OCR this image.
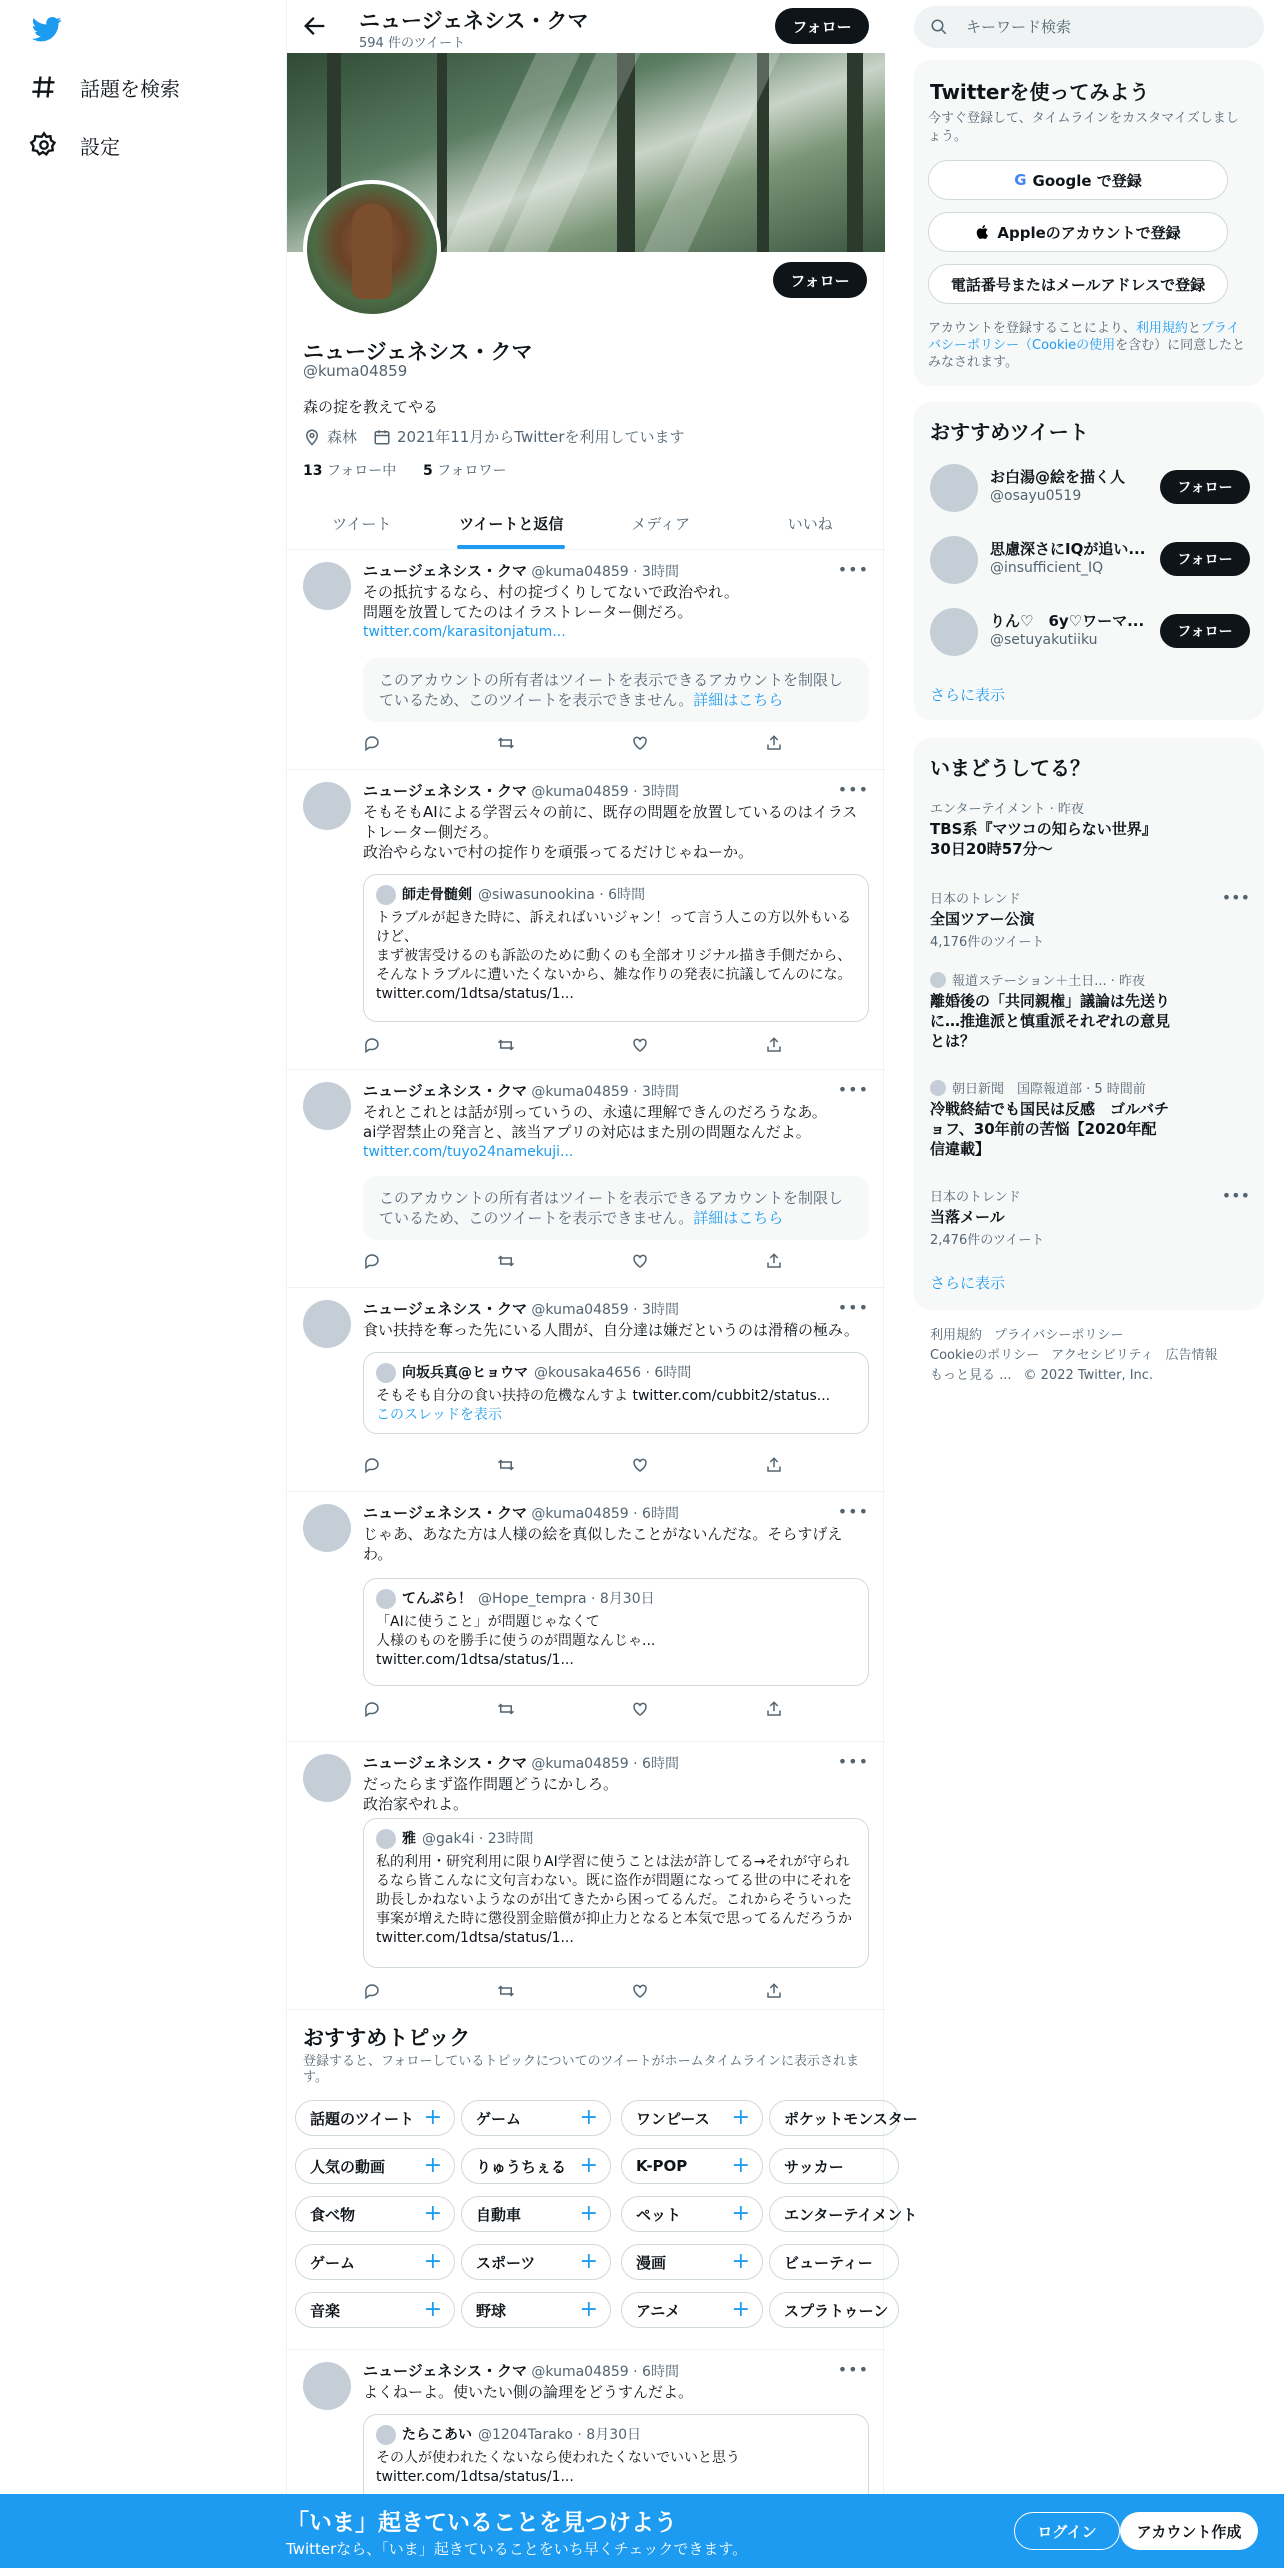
話題を検索
設定
ニュージェネシス・クマ
594 件のツイート
フォロー
フォロー
ニュージェネシス・クマ
@kuma04859
森の掟を教えてやる
森林	2021年11月からTwitterを利用しています
13 フォロー中 5 フォロワー
ツイート	ツイートと返信	メディア	いいね
ニュージェネシス・クマ @kuma04859 · 3時間	•••
その抵抗するなら、村の掟づくりしてないで政治やれ。
問題を放置してたのはイラストレーター側だろ。
twitter.com/karasitonjatum...
このアカウントの所有者はツイートを表示できるアカウントを制限しているため、このツイートを表示できません。詳細はこちら
ニュージェネシス・クマ @kuma04859 · 3時間	•••
そもそもAIによる学習云々の前に、既存の問題を放置しているのはイラストレーター側だろ。
政治やらないで村の掟作りを頑張ってるだけじゃねーか。
師走骨髄剣 @siwasunookina · 6時間
トラブルが起きた時に、訴えればいいジャン！って言う人この方以外もいるけど、
まず被害受けるのも訴訟のために動くのも全部オリジナル描き手側だから、そんなトラブルに遭いたくないから、雑な作りの発表に抗議してんのにな。 twitter.com/1dtsa/status/1...
ニュージェネシス・クマ @kuma04859 · 3時間	•••
それとこれとは話が別っていうの、永遠に理解できんのだろうなあ。
ai学習禁止の発言と、該当アプリの対応はまた別の問題なんだよ。
twitter.com/tuyo24namekuji...
このアカウントの所有者はツイートを表示できるアカウントを制限しているため、このツイートを表示できません。詳細はこちら
ニュージェネシス・クマ @kuma04859 · 3時間	•••
食い扶持を奪った先にいる人間が、自分達は嫌だというのは滑稽の極み。
向坂兵真@ヒョウマ @kousaka4656 · 6時間
そもそも自分の食い扶持の危機なんすよ twitter.com/cubbit2/status...
このスレッドを表示
ニュージェネシス・クマ @kuma04859 · 6時間	•••
じゃあ、あなた方は人様の絵を真似したことがないんだな。そらすげえわ。
てんぷら！ @Hope_tempra · 8月30日
「AIに使うこと」が問題じゃなくて
人様のものを勝手に使うのが問題なんじゃ...
twitter.com/1dtsa/status/1...
ニュージェネシス・クマ @kuma04859 · 6時間	•••
だったらまず盗作問題どうにかしろ。
政治家やれよ。
雅 @gak4i · 23時間
私的利用・研究利用に限りAI学習に使うことは法が許してる→それが守られるなら皆こんなに文句言わない。既に盗作が問題になってる世の中にそれを助長しかねないようなのが出てきたから困ってるんだ。これからそういった事案が増えた時に懲役罰金賠償が抑止力となると本気で思ってるんだろうか twitter.com/1dtsa/status/1...
おすすめトピック
登録すると、フォローしているトピックについてのツイートがホームタイムラインに表示されます。
話題のツイート + ゲーム	+	ワンピース + ポケットモンスター
人気の動画 + りゅうちぇる +	K-POP + サッカー
食べ物	+ 自動車	+	ペット + エンターテイメント
ゲーム	+ スポーツ +	漫画	+ ビューティー
音楽	+ 野球	+	アニメ + スプラトゥーン
ニュージェネシス・クマ @kuma04859 · 6時間	•••
よくねーよ。使いたい側の論理をどうすんだよ。
たらこあい @1204Tarako · 8月30日
その人が使われたくないなら使われたくないでいいと思う
twitter.com/1dtsa/status/1...
キーワード検索
Twitterを使ってみよう
今すぐ登録して、タイムラインをカスタマイズしましょう。
G Google で登録
Appleのアカウントで登録
電話番号またはメールアドレスで登録
アカウントを登録することにより、利用規約とプライバシーポリシー（Cookieの使用を含む）に同意したとみなされます。
おすすめツイート
お白湯@絵を描く人
@osayu0519
フォロー
思慮深さにIQが追い...
@insufficient_IQ
フォロー
りん♡　6y♡ワーマ...
@setuyakutiiku
フォロー
さらに表示
いまどうしてる？
エンターテイメント · 昨夜
TBS系『マツコの知らない世界』30日20時57分〜
日本のトレンド
全国ツアー公演
4,176件のツイート
•••
報道ステーション＋土日... · 昨夜
離婚後の「共同親権」議論は先送りに…推進派と慎重派それぞれの意見とは？
朝日新聞　国際報道部 · 5 時間前
冷戦終結でも国民は反感　ゴルバチョフ、30年前の苦悩【2020年配信違載】
日本のトレンド
当落メール
2,476件のツイート
•••
さらに表示
利用規約 プライバシーポリシー
Cookieのポリシー アクセシビリティ 広告情報
もっと見る ... © 2022 Twitter, Inc.
「いま」起きていることを見つけよう
Twitterなら、「いま」起きていることをいち早くチェックできます。
ログイン	アカウント作成
